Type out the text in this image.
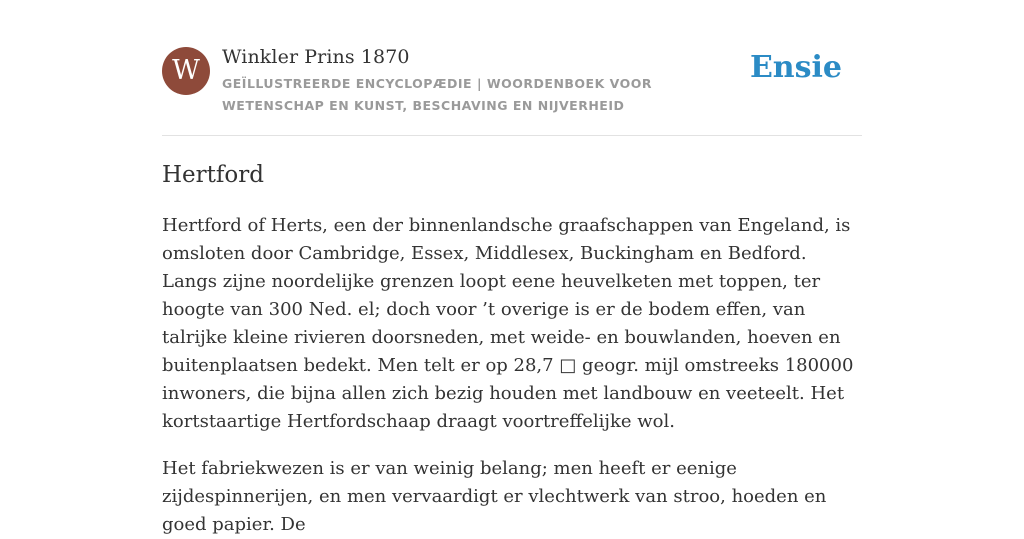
W	Winkler Prins 1870
GEÏLLUSTREERDE ENCYCLOPÆDIE | WOORDENBOEK VOOR WETENSCHAP EN KUNST, BESCHAVING EN NIJVERHEID
Ensie
Hertford

Hertford of Herts, een der binnenlandsche graafschappen van Engeland, is omsloten door Cambridge, Essex, Middlesex, Buckingham en Bedford. Langs zijne noordelijke grenzen loopt eene heuvelketen met toppen, ter hoogte van 300 Ned. el; doch voor ’t overige is er de bodem effen, van talrijke kleine rivieren doorsneden, met weide- en bouwlanden, hoeven en buitenplaatsen bedekt. Men telt er op 28,7 □ geogr. mijl omstreeks 180000 inwoners, die bijna allen zich bezig houden met landbouw en veeteelt. Het kortstaartige Hertfordschaap draagt voortreffelijke wol.

Het fabriekwezen is er van weinig belang; men heeft er eenige zijdespinnerijen, en men vervaardigt er vlechtwerk van stroo, hoeden en goed papier. De
